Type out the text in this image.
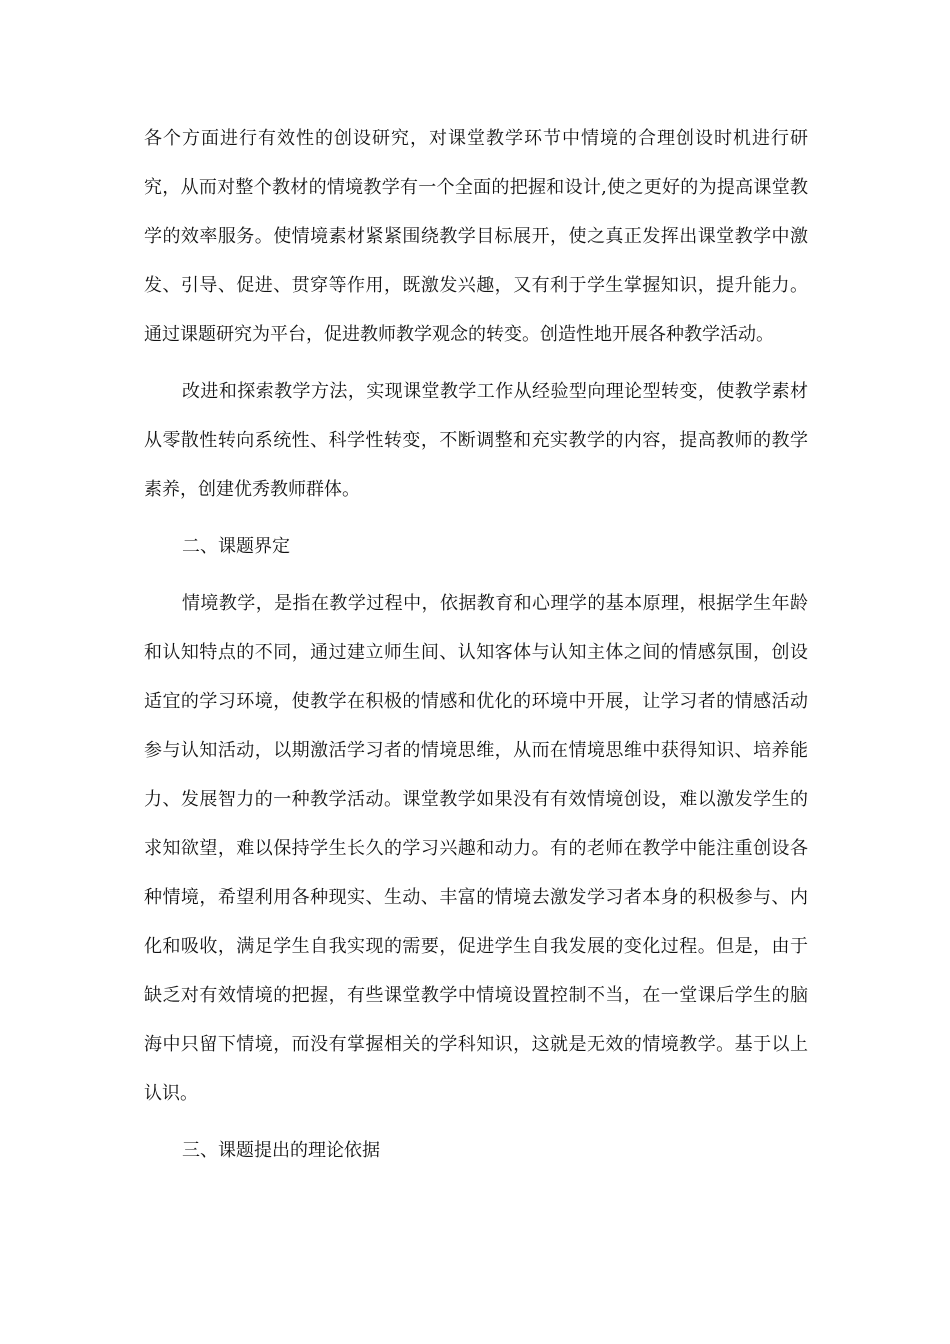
各个方面进行有效性的创设研究，对课堂教学环节中情境的合理创设时机进行研究，从而对整个教材的情境教学有一个全面的把握和设计,使之更好的为提高课堂教学的效率服务。使情境素材紧紧围绕教学目标展开，使之真正发挥出课堂教学中激发、引导、促进、贯穿等作用，既激发兴趣，又有利于学生掌握知识，提升能力。通过课题研究为平台，促进教师教学观念的转变。创造性地开展各种教学活动。

改进和探索教学方法，实现课堂教学工作从经验型向理论型转变，使教学素材从零散性转向系统性、科学性转变，不断调整和充实教学的内容，提高教师的教学素养，创建优秀教师群体。

二、课题界定

情境教学，是指在教学过程中，依据教育和心理学的基本原理，根据学生年龄和认知特点的不同，通过建立师生间、认知客体与认知主体之间的情感氛围，创设适宜的学习环境，使教学在积极的情感和优化的环境中开展，让学习者的情感活动参与认知活动，以期激活学习者的情境思维，从而在情境思维中获得知识、培养能力、发展智力的一种教学活动。课堂教学如果没有有效情境创设，难以激发学生的求知欲望，难以保持学生长久的学习兴趣和动力。有的老师在教学中能注重创设各种情境，希望利用各种现实、生动、丰富的情境去激发学习者本身的积极参与、内化和吸收，满足学生自我实现的需要，促进学生自我发展的变化过程。但是，由于缺乏对有效情境的把握，有些课堂教学中情境设置控制不当，在一堂课后学生的脑海中只留下情境，而没有掌握相关的学科知识，这就是无效的情境教学。基于以上认识。

三、课题提出的理论依据
